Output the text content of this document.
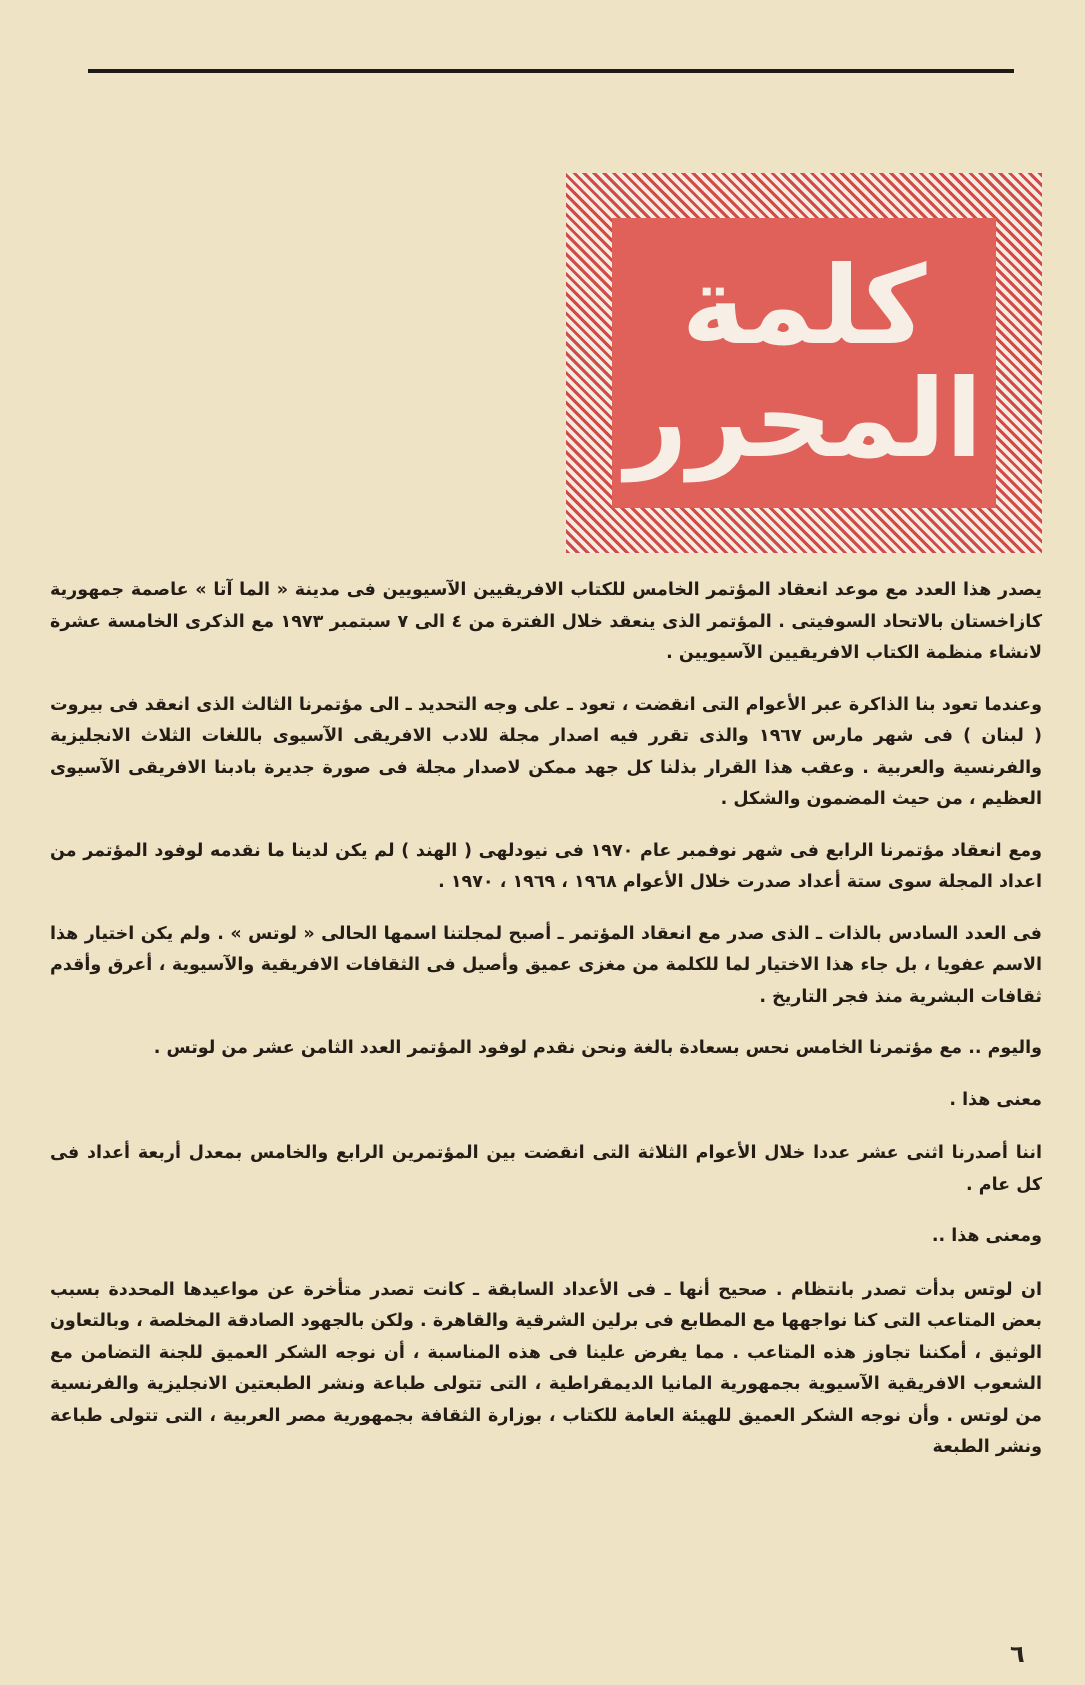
كلمة
المحرر

يصدر هذا العدد مع موعد انعقاد المؤتمر الخامس للكتاب الافريقيين الآسيويين فى مدينة « الما آتا » عاصمة جمهورية كازاخستان بالاتحاد السوفيتى . المؤتمر الذى ينعقد خلال الفترة من ٤ الى ٧ سبتمبر ١٩٧٣ مع الذكرى الخامسة عشرة لانشاء منظمة الكتاب الافريقيين الآسيويين .

وعندما تعود بنا الذاكرة عبر الأعوام التى انقضت ، تعود ـ على وجه التحديد ـ الى مؤتمرنا الثالث الذى انعقد فى بيروت ( لبنان ) فى شهر مارس ١٩٦٧ والذى تقرر فيه اصدار مجلة للادب الافريقى الآسيوى باللغات الثلاث الانجليزية والفرنسية والعربية . وعقب هذا القرار بذلنا كل جهد ممكن لاصدار مجلة فى صورة جديرة بادبنا الافريقى الآسيوى العظيم ، من حيث المضمون والشكل .

ومع انعقاد مؤتمرنا الرابع فى شهر نوفمبر عام ١٩٧٠ فى نيودلهى ( الهند ) لم يكن لدينا ما نقدمه لوفود المؤتمر من اعداد المجلة سوى ستة أعداد صدرت خلال الأعوام ١٩٦٨ ، ١٩٦٩ ، ١٩٧٠ .

فى العدد السادس بالذات ـ الذى صدر مع انعقاد المؤتمر ـ أصبح لمجلتنا اسمها الحالى « لوتس » . ولم يكن اختيار هذا الاسم عفويا ، بل جاء هذا الاختيار لما للكلمة من مغزى عميق وأصيل فى الثقافات الافريقية والآسيوية ، أعرق وأقدم ثقافات البشرية منذ فجر التاريخ .

واليوم .. مع مؤتمرنا الخامس نحس بسعادة بالغة ونحن نقدم لوفود المؤتمر العدد الثامن عشر من لوتس .

معنى هذا .

اننا أصدرنا اثنى عشر عددا خلال الأعوام الثلاثة التى انقضت بين المؤتمرين الرابع والخامس بمعدل أربعة أعداد فى كل عام .

ومعنى هذا ..

ان لوتس بدأت تصدر بانتظام . صحيح أنها ـ فى الأعداد السابقة ـ كانت تصدر متأخرة عن مواعيدها المحددة بسبب بعض المتاعب التى كنا نواجهها مع المطابع فى برلين الشرقية والقاهرة . ولكن بالجهود الصادقة المخلصة ، وبالتعاون الوثيق ، أمكننا تجاوز هذه المتاعب . مما يفرض علينا فى هذه المناسبة ، أن نوجه الشكر العميق للجنة التضامن مع الشعوب الافريقية الآسيوية بجمهورية المانيا الديمقراطية ، التى تتولى طباعة ونشر الطبعتين الانجليزية والفرنسية من لوتس . وأن نوجه الشكر العميق للهيئة العامة للكتاب ، بوزارة الثقافة بجمهورية مصر العربية ، التى تتولى طباعة ونشر الطبعة

٦
